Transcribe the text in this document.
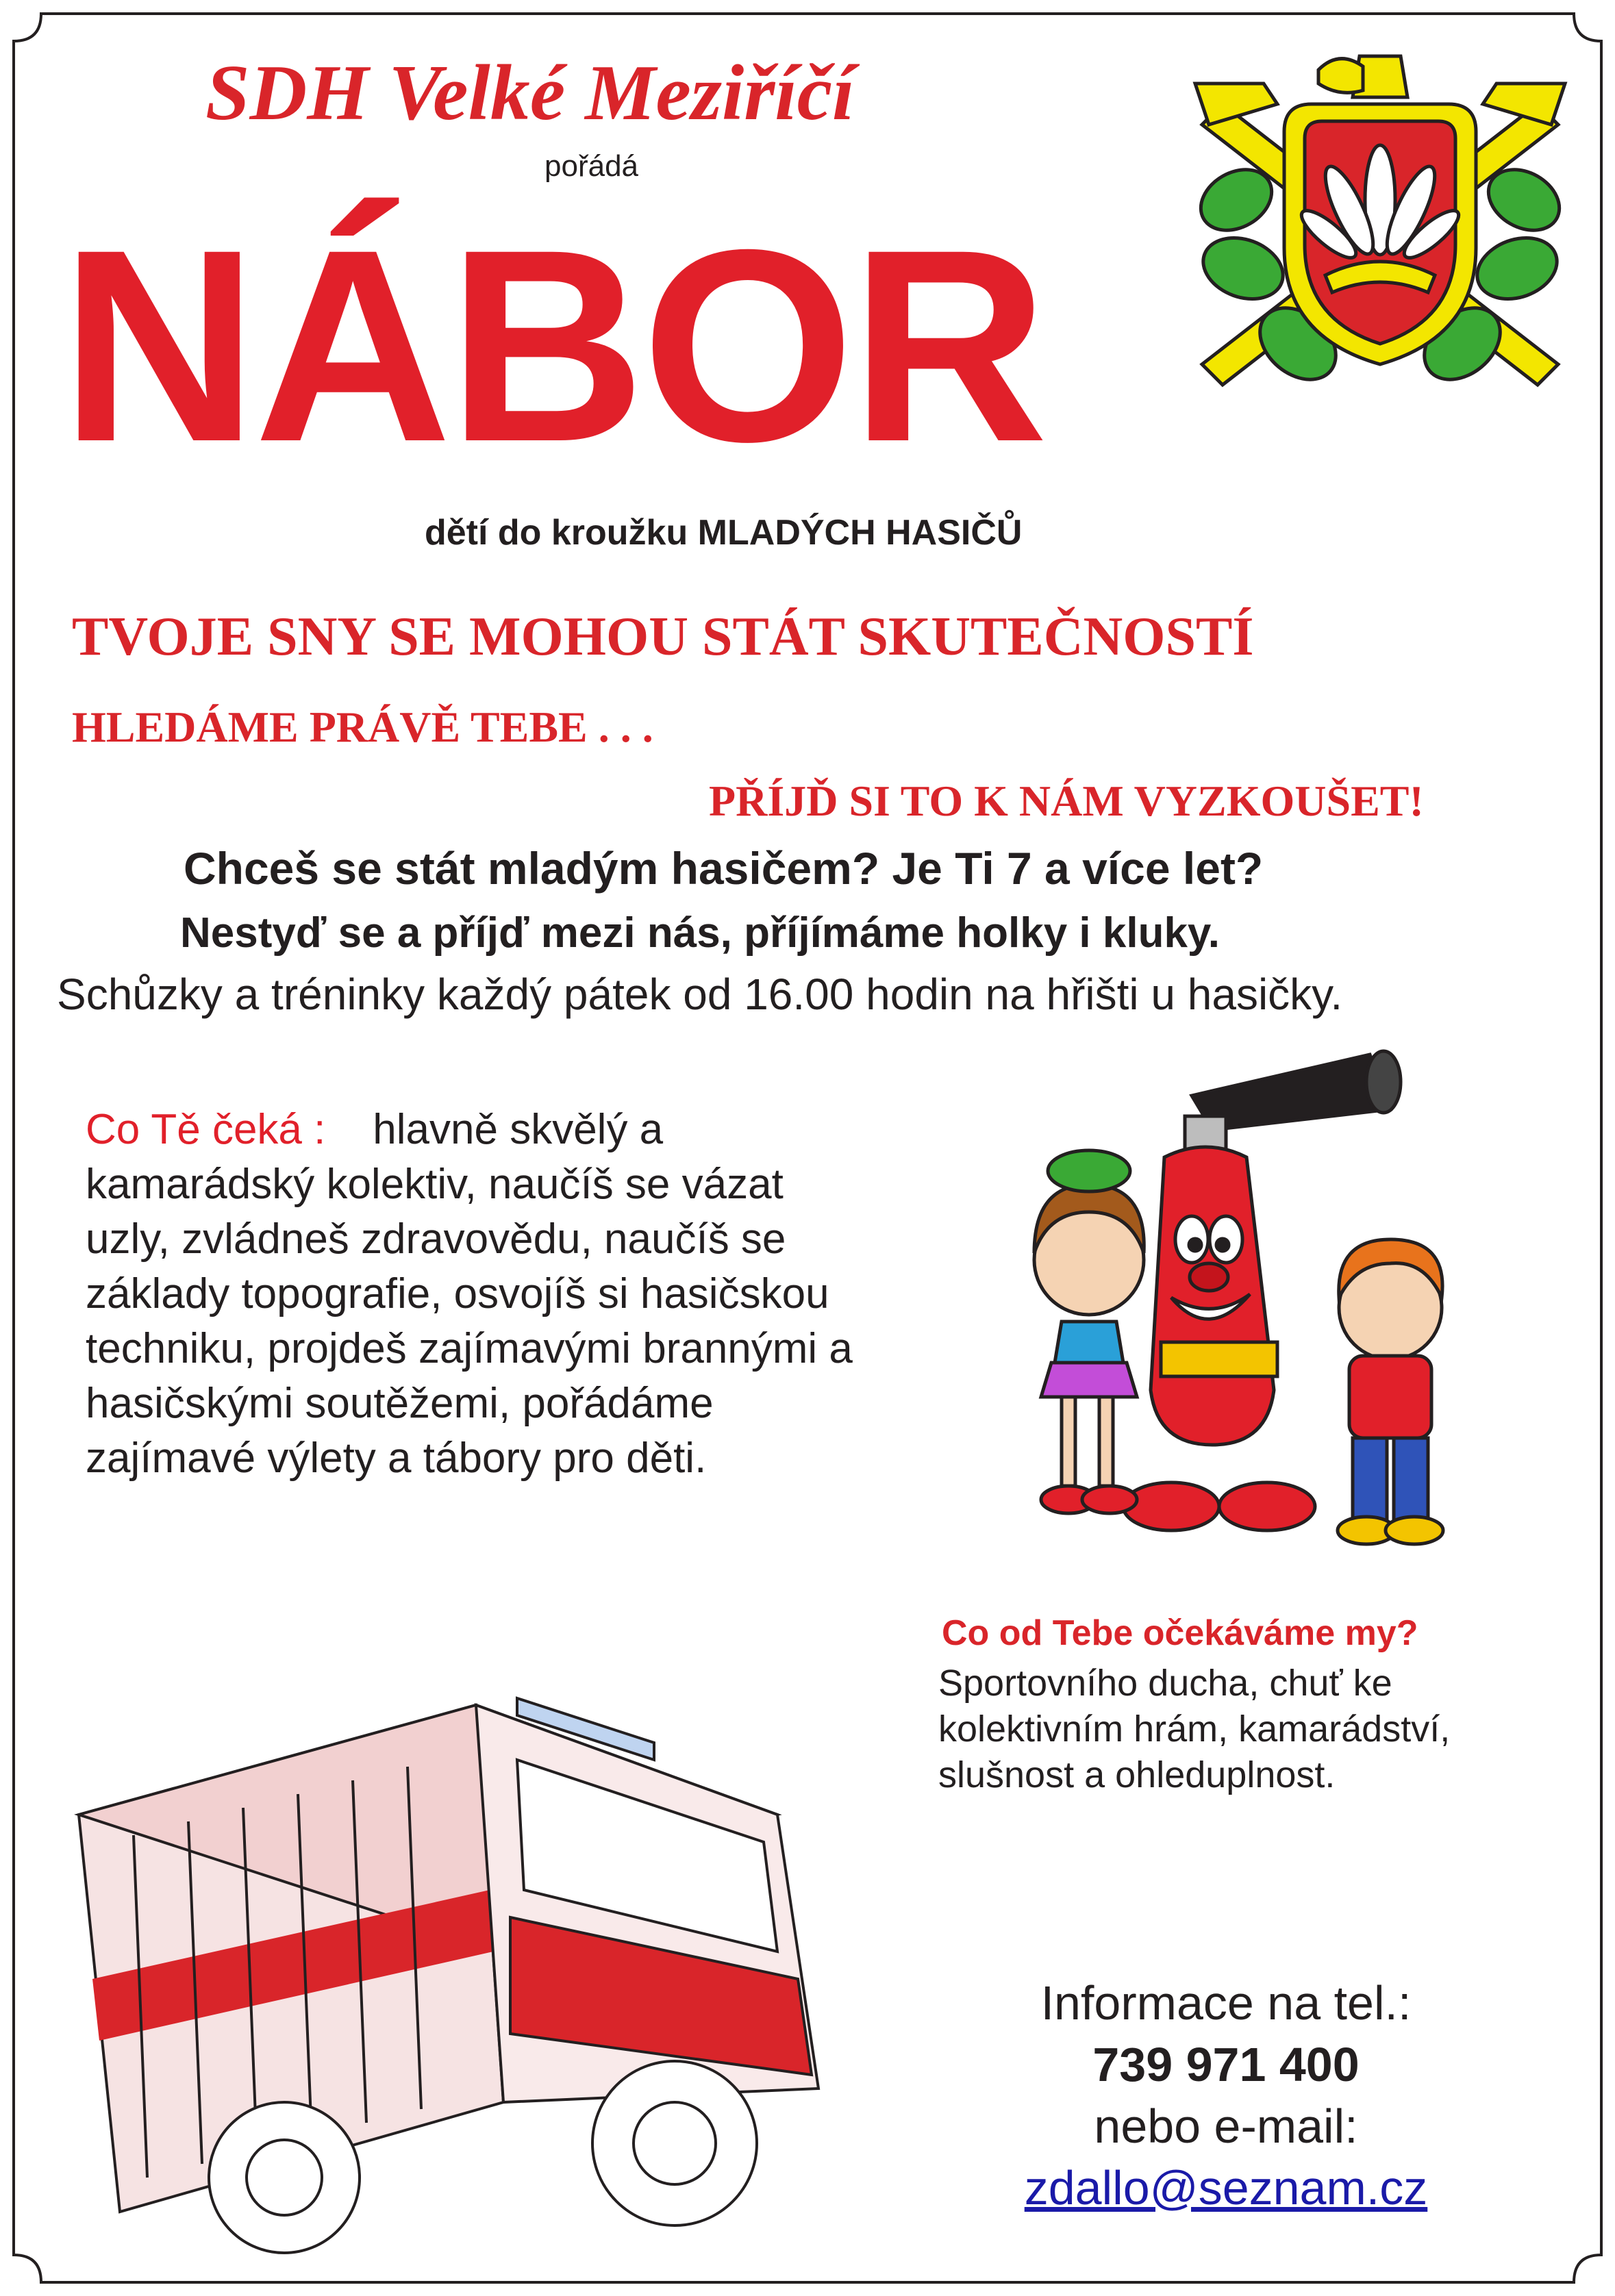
SDH Velké Meziříčí
pořádá
NÁBOR
dětí do kroužku MLADÝCH HASIČŮ
TVOJE SNY SE MOHOU STÁT SKUTEČNOSTÍ
HLEDÁME PRÁVĚ TEBE . . .
PŘÍJĎ SI TO K NÁM VYZKOUŠET!
Chceš se stát mladým hasičem? Je Ti 7 a více let?
Nestyď se a příjď mezi nás, příjímáme holky i kluky.
Schůzky a tréninky každý pátek od 16.00 hodin na hřišti u hasičky.

Co Tě čeká : hlavně skvělý a kamarádský kolektiv, naučíš se vázat uzly, zvládneš zdravovědu, naučíš se základy topografie, osvojíš si hasičskou techniku, projdeš zajímavými brannými a hasičskými soutěžemi, pořádáme zajímavé výlety a tábory pro děti.

Co od Tebe očekáváme my?

Sportovního ducha, chuť ke kolektivním hrám, kamarádství, slušnost a ohleduplnost.

Informace na tel.:
739 971 400
nebo e-mail:
zdallo@seznam.cz
